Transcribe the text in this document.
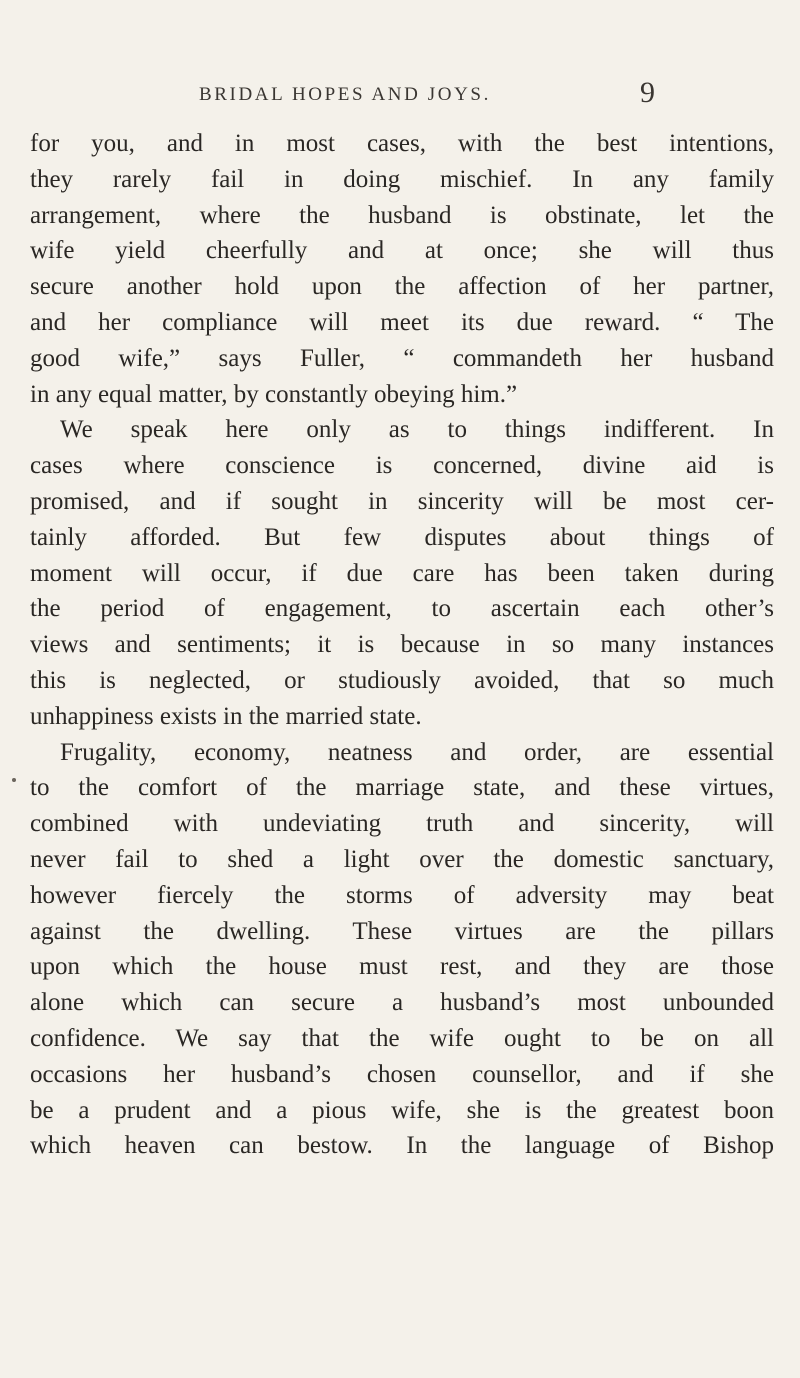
BRIDAL HOPES AND JOYS.	9
for you, and in most cases, with the best intentions,
they rarely fail in doing mischief. In any family
arrangement, where the husband is obstinate, let the
wife yield cheerfully and at once; she will thus
secure another hold upon the affection of her partner,
and her compliance will meet its due reward. “ The
good wife,” says Fuller, “ commandeth her husband
in any equal matter, by constantly obeying him.”
We speak here only as to things indifferent. In
cases where conscience is concerned, divine aid is
promised, and if sought in sincerity will be most cer-
tainly afforded. But few disputes about things of
moment will occur, if due care has been taken during
the period of engagement, to ascertain each other’s
views and sentiments; it is because in so many instances
this is neglected, or studiously avoided, that so much
unhappiness exists in the married state.
Frugality, economy, neatness and order, are essential
to the comfort of the marriage state, and these virtues,
combined with undeviating truth and sincerity, will
never fail to shed a light over the domestic sanctuary,
however fiercely the storms of adversity may beat
against the dwelling. These virtues are the pillars
upon which the house must rest, and they are those
alone which can secure a husband’s most unbounded
confidence. We say that the wife ought to be on all
occasions her husband’s chosen counsellor, and if she
be a prudent and a pious wife, she is the greatest boon
which heaven can bestow. In the language of Bishop
